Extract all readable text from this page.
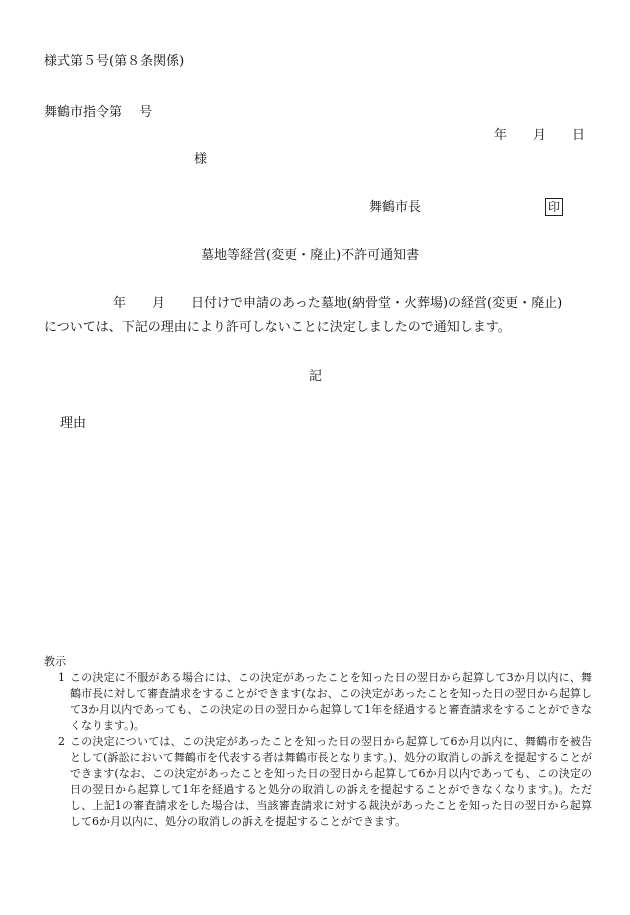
様式第５号(第８条関係)
舞鶴市指令第　 号
年　　月　　日
様
舞鶴市長	印
墓地等経営(変更・廃止)不許可通知書
年　　月　　日付けで申請のあった墓地(納骨堂・火葬場)の経営(変更・廃止)
については、下記の理由により許可しないことに決定しましたので通知します。
記
理由
教示
1 この決定に不服がある場合には、この決定があったことを知った日の翌日から起算して3か月以内に、舞鶴市長に対して審査請求をすることができます(なお、この決定があったことを知った日の翌日から起算して3か月以内であっても、この決定の日の翌日から起算して1年を経過すると審査請求をすることができなくなります。)。
2 この決定については、この決定があったことを知った日の翌日から起算して6か月以内に、舞鶴市を被告として(訴訟において舞鶴市を代表する者は舞鶴市長となります。)、処分の取消しの訴えを提起することができます(なお、この決定があったことを知った日の翌日から起算して6か月以内であっても、この決定の日の翌日から起算して1年を経過すると処分の取消しの訴えを提起することができなくなります。)。ただし、上記1の審査請求をした場合は、当該審査請求に対する裁決があったことを知った日の翌日から起算して6か月以内に、処分の取消しの訴えを提起することができます。
